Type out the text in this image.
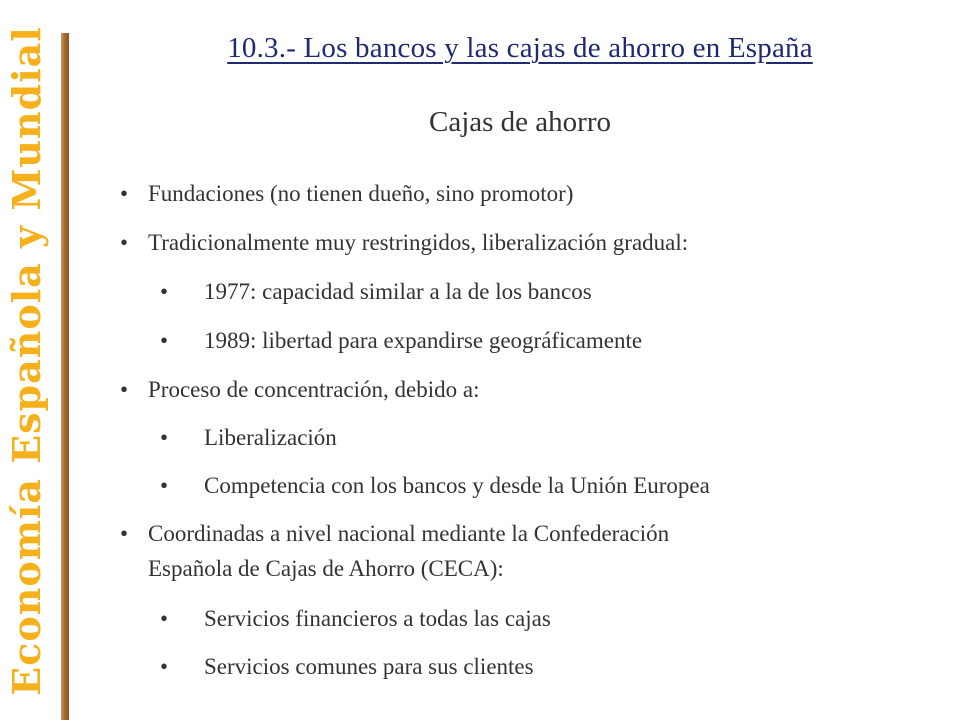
Economía Española y Mundial	10.3.- Los bancos y las cajas de ahorro en España
Cajas de ahorro
• Fundaciones (no tienen dueño, sino promotor)
• Tradicionalmente muy restringidos, liberalización gradual:
• 1977: capacidad similar a la de los bancos
• 1989: libertad para expandirse geográficamente
• Proceso de concentración, debido a:
• Liberalización
• Competencia con los bancos y desde la Unión Europea
• Coordinadas a nivel nacional mediante la Confederación
Española de Cajas de Ahorro (CECA):
• Servicios financieros a todas las cajas
• Servicios comunes para sus clientes
